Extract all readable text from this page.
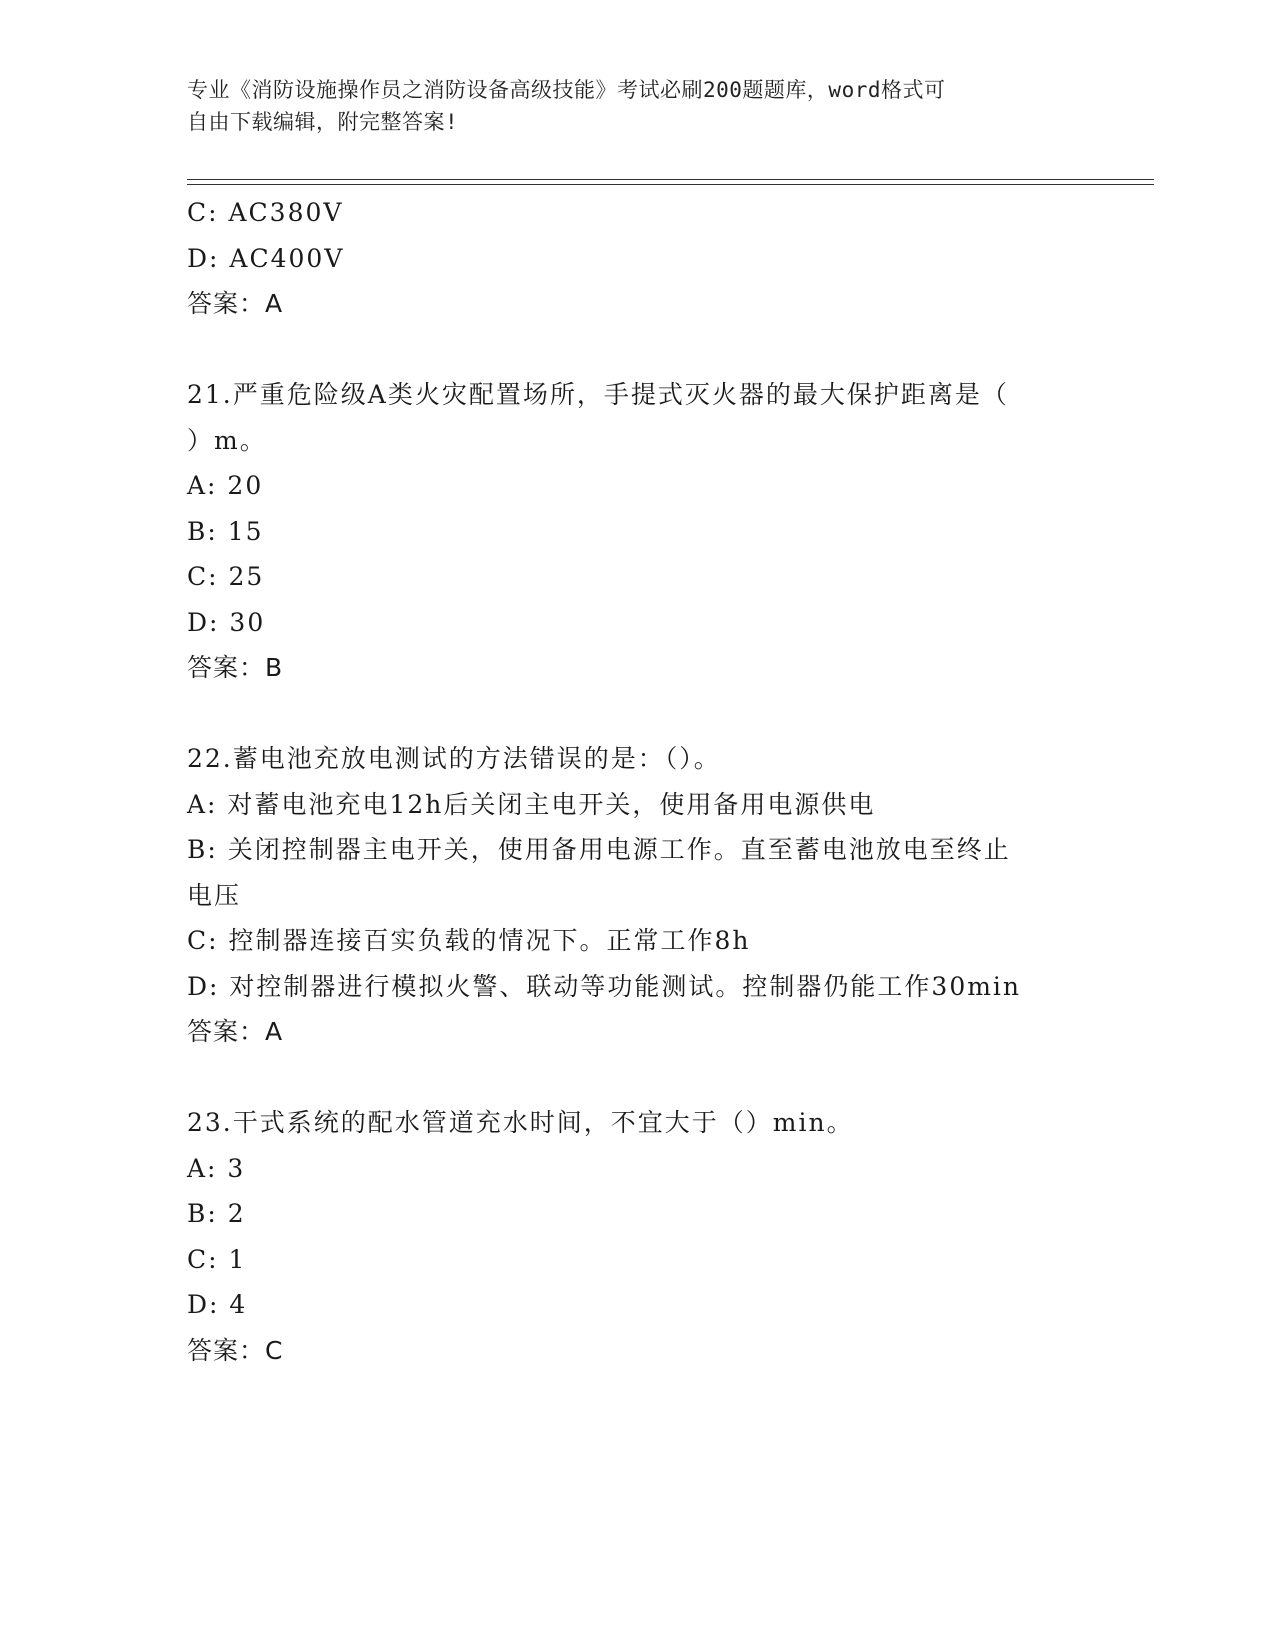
专业《消防设施操作员之消防设备高级技能》考试必刷200题题库，word格式可
自由下载编辑，附完整答案!
C: AC380V
D: AC400V
答案：A
21.严重危险级A类火灾配置场所，手提式灭火器的最大保护距离是（
）m。
A: 20
B: 15
C: 25
D: 30
答案：B
22.蓄电池充放电测试的方法错误的是：（）。
A: 对蓄电池充电12h后关闭主电开关，使用备用电源供电
B: 关闭控制器主电开关，使用备用电源工作。直至蓄电池放电至终止
电压
C: 控制器连接百实负载的情况下。正常工作8h
D: 对控制器进行模拟火警、联动等功能测试。控制器仍能工作30min
答案：A
23.干式系统的配水管道充水时间，不宜大于（）min。
A: 3
B: 2
C: 1
D: 4
答案：C
